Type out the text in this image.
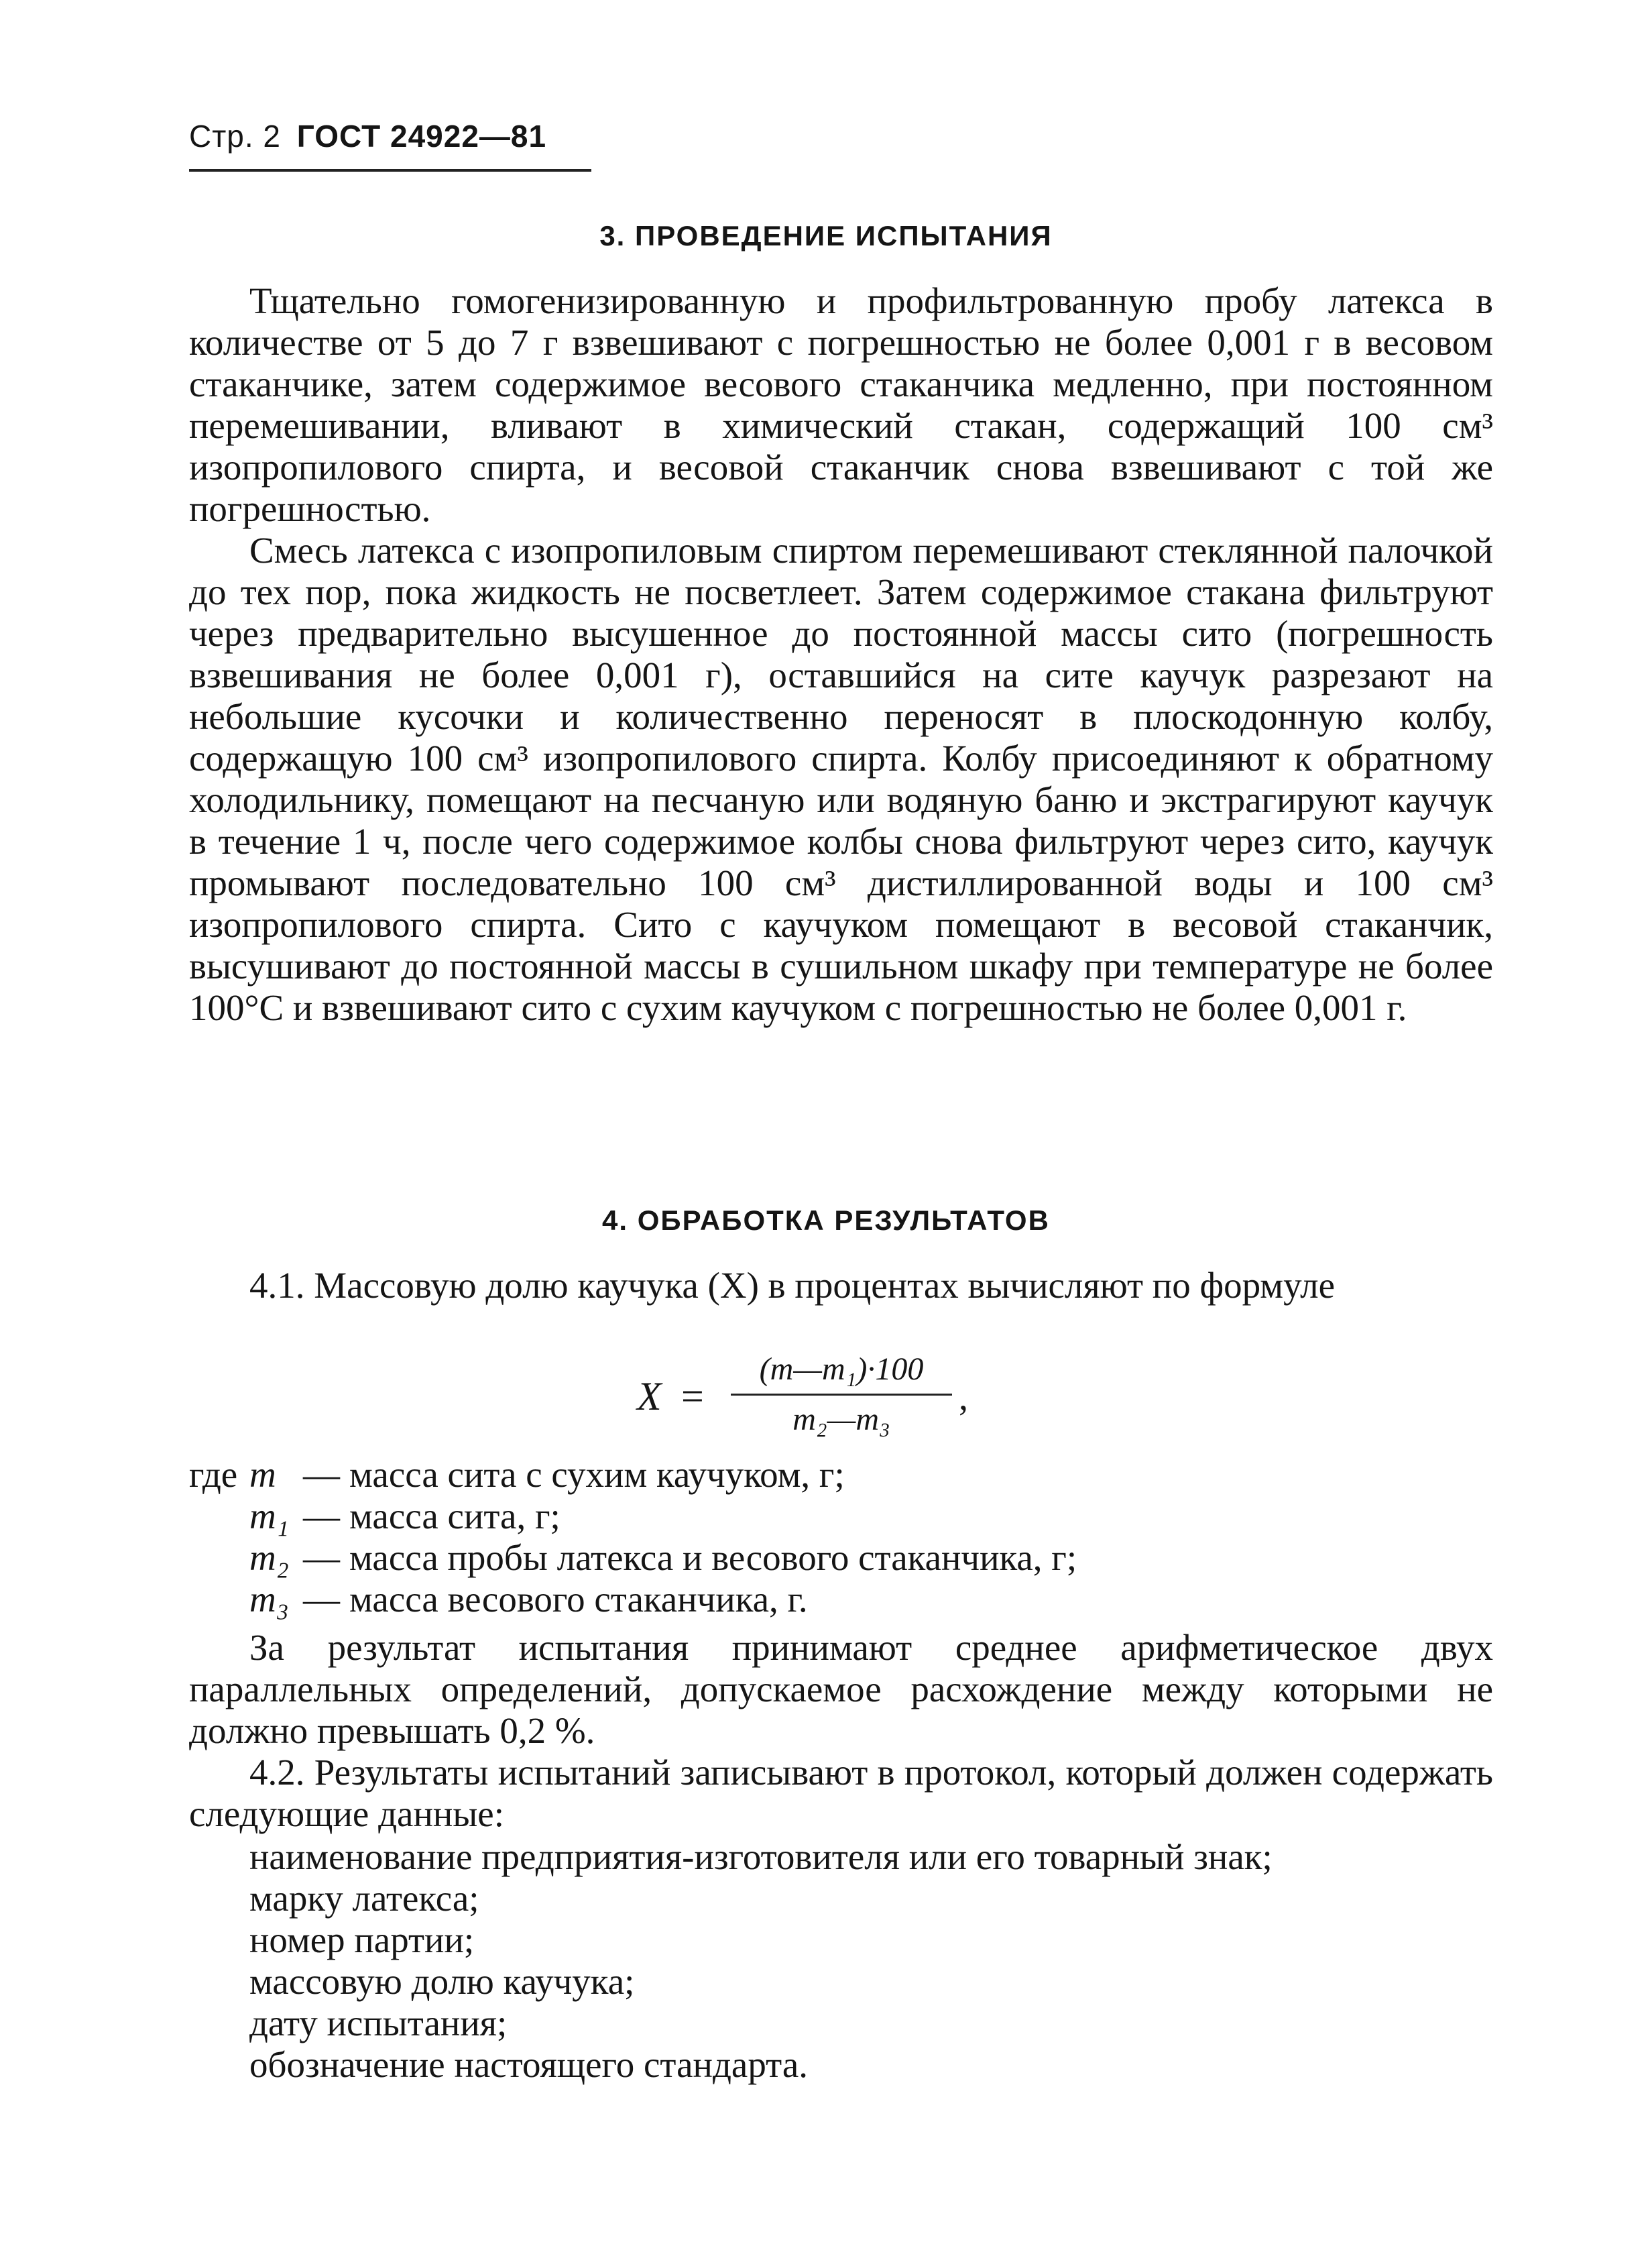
Стр. 2 ГОСТ 24922—81
3. ПРОВЕДЕНИЕ ИСПЫТАНИЯ

Тщательно гомогенизированную и профильтрованную пробу латекса в количестве от 5 до 7 г взвешивают с погрешностью не более 0,001 г в весовом стаканчике, затем содержимое весового стаканчика медленно, при постоянном перемешивании, вливают в химический стакан, содержащий 100 см³ изопропилового спирта, и весовой стаканчик снова взвешивают с той же погрешностью.

Смесь латекса с изопропиловым спиртом перемешивают стеклянной палочкой до тех пор, пока жидкость не посветлеет. Затем содержимое стакана фильтруют через предварительно высушенное до постоянной массы сито (погрешность взвешивания не более 0,001 г), оставшийся на сите каучук разрезают на небольшие кусочки и количественно переносят в плоскодонную колбу, содержащую 100 см³ изопропилового спирта. Колбу присоединяют к обратному холодильнику, помещают на песчаную или водяную баню и экстрагируют каучук в течение 1 ч, после чего содержимое колбы снова фильтруют через сито, каучук промывают последовательно 100 см³ дистиллированной воды и 100 см³ изопропилового спирта. Сито с каучуком помещают в весовой стаканчик, высушивают до постоянной массы в сушильном шкафу при температуре не более 100°С и взвешивают сито с сухим каучуком с погрешностью не более 0,001 г.

4. ОБРАБОТКА РЕЗУЛЬТАТОВ

4.1. Массовую долю каучука (X) в процентах вычисляют по формуле

X =
(m—m₁)·100
m₂—m₃
,
где m — масса сита с сухим каучуком, г;
m₁ — масса сита, г;
m₂ — масса пробы латекса и весового стаканчика, г;
m₃ — масса весового стаканчика, г.

За результат испытания принимают среднее арифметическое двух параллельных определений, допускаемое расхождение между которыми не должно превышать 0,2 %.

4.2. Результаты испытаний записывают в протокол, который должен содержать следующие данные:

наименование предприятия-изготовителя или его товарный знак;
марку латекса;
номер партии;
массовую долю каучука;
дату испытания;
обозначение настоящего стандарта.
